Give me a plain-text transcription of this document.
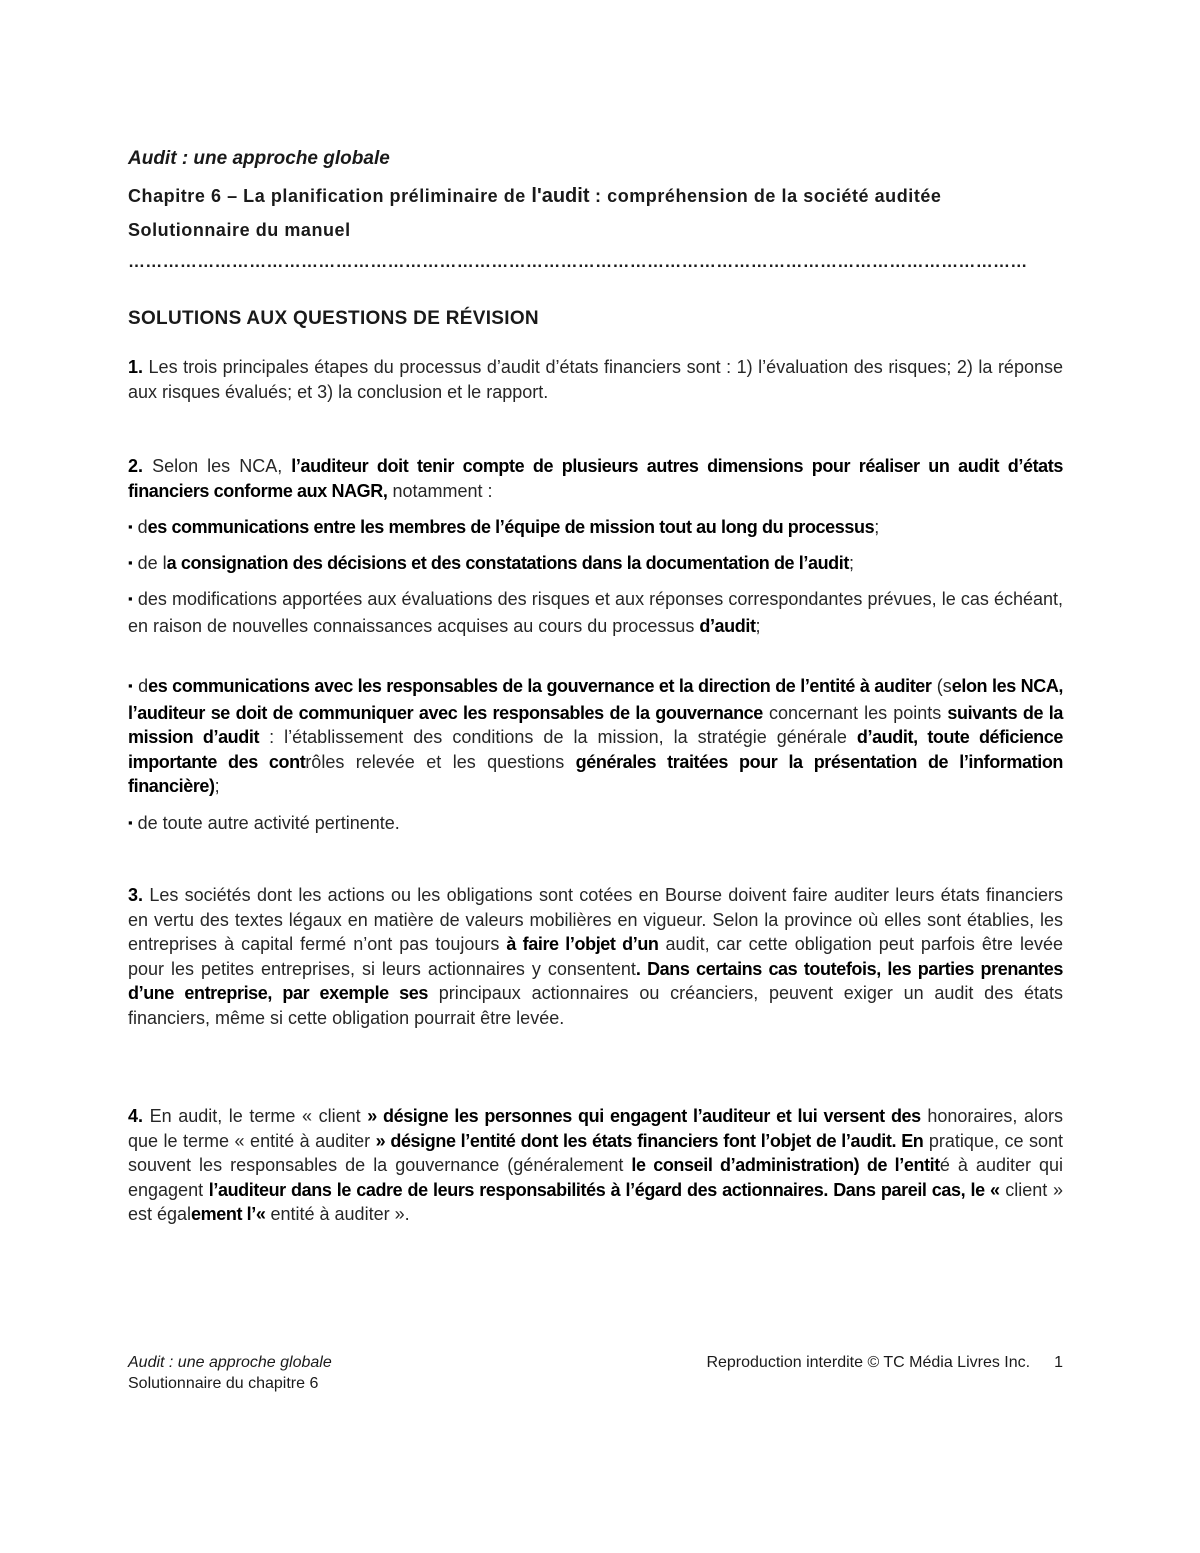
Audit : une approche globale

Chapitre 6 – La planification préliminaire de l'audit : compréhension de la société auditée

Solutionnaire du manuel

…………………………………………………………………………………………………………………………………………

SOLUTIONS AUX QUESTIONS DE RÉVISION

1. Les trois principales étapes du processus d’audit d’états financiers sont : 1) l’évaluation des risques; 2) la réponse aux risques évalués; et 3) la conclusion et le rapport.

2. Selon les NCA, l’auditeur doit tenir compte de plusieurs autres dimensions pour réaliser un audit d’états financiers conforme aux NAGR, notamment :

▪ des communications entre les membres de l’équipe de mission tout au long du processus;

▪ de la consignation des décisions et des constatations dans la documentation de l’audit;

▪ des modifications apportées aux évaluations des risques et aux réponses correspondantes prévues, le cas échéant, en raison de nouvelles connaissances acquises au cours du processus d’audit;

▪ des communications avec les responsables de la gouvernance et la direction de l’entité à auditer (selon les NCA, l’auditeur se doit de communiquer avec les responsables de la gouvernance concernant les points suivants de la mission d’audit : l’établissement des conditions de la mission, la stratégie générale d’audit, toute déficience importante des contrôles relevée et les questions générales traitées pour la présentation de l’information financière);

▪ de toute autre activité pertinente.

3. Les sociétés dont les actions ou les obligations sont cotées en Bourse doivent faire auditer leurs états financiers en vertu des textes légaux en matière de valeurs mobilières en vigueur. Selon la province où elles sont établies, les entreprises à capital fermé n’ont pas toujours à faire l’objet d’un audit, car cette obligation peut parfois être levée pour les petites entreprises, si leurs actionnaires y consentent. Dans certains cas toutefois, les parties prenantes d’une entreprise, par exemple ses principaux actionnaires ou créanciers, peuvent exiger un audit des états financiers, même si cette obligation pourrait être levée.

4. En audit, le terme « client » désigne les personnes qui engagent l’auditeur et lui versent des honoraires, alors que le terme « entité à auditer » désigne l’entité dont les états financiers font l’objet de l’audit. En pratique, ce sont souvent les responsables de la gouvernance (généralement le conseil d’administration) de l’entité à auditer qui engagent l’auditeur dans le cadre de leurs responsabilités à l’égard des actionnaires. Dans pareil cas, le « client » est également l’« entité à auditer ».

Audit : une approche globale
Solutionnaire du chapitre 6
Reproduction interdite © TC Média Livres Inc. 1
